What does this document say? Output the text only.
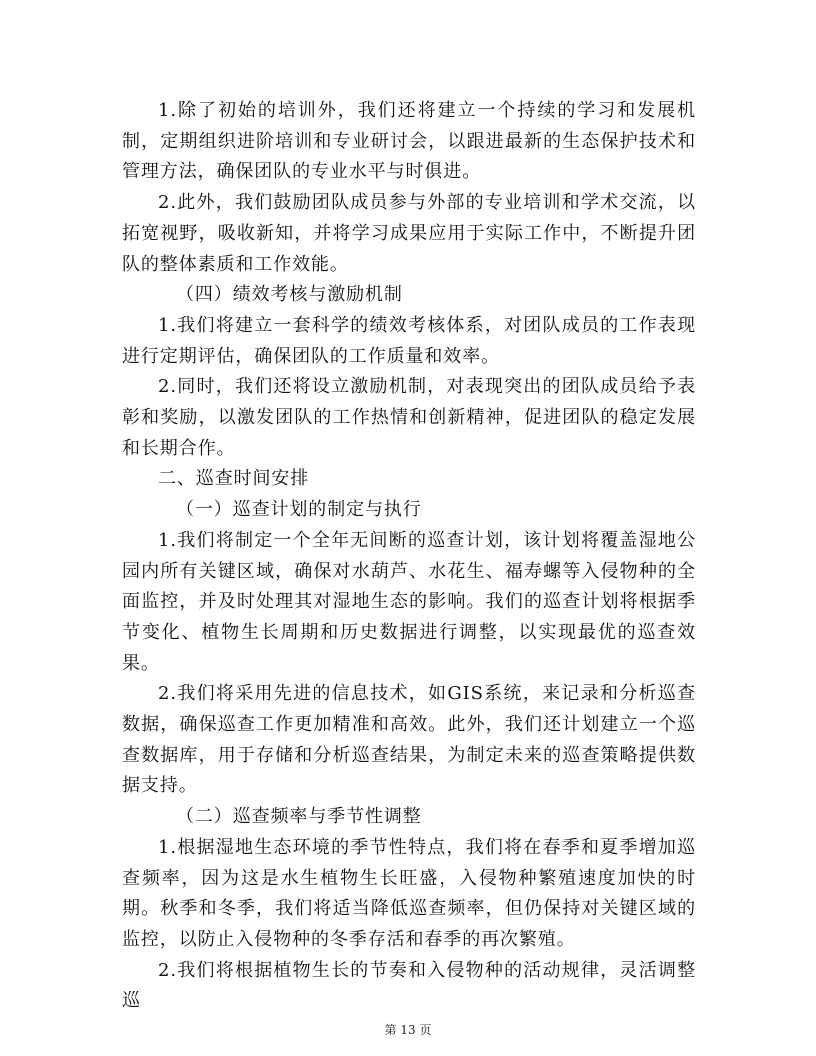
1.除了初始的培训外，我们还将建立一个持续的学习和发展机制，定期组织进阶培训和专业研讨会，以跟进最新的生态保护技术和管理方法，确保团队的专业水平与时俱进。

2.此外，我们鼓励团队成员参与外部的专业培训和学术交流，以拓宽视野，吸收新知，并将学习成果应用于实际工作中，不断提升团队的整体素质和工作效能。

（四）绩效考核与激励机制

1.我们将建立一套科学的绩效考核体系，对团队成员的工作表现进行定期评估，确保团队的工作质量和效率。

2.同时，我们还将设立激励机制，对表现突出的团队成员给予表彰和奖励，以激发团队的工作热情和创新精神，促进团队的稳定发展和长期合作。

二、巡查时间安排

（一）巡查计划的制定与执行

1.我们将制定一个全年无间断的巡查计划，该计划将覆盖湿地公园内所有关键区域，确保对水葫芦、水花生、福寿螺等入侵物种的全面监控，并及时处理其对湿地生态的影响。我们的巡查计划将根据季节变化、植物生长周期和历史数据进行调整，以实现最优的巡查效果。

2.我们将采用先进的信息技术，如GIS系统，来记录和分析巡查数据，确保巡查工作更加精准和高效。此外，我们还计划建立一个巡查数据库，用于存储和分析巡查结果，为制定未来的巡查策略提供数据支持。

（二）巡查频率与季节性调整

1.根据湿地生态环境的季节性特点，我们将在春季和夏季增加巡查频率，因为这是水生植物生长旺盛，入侵物种繁殖速度加快的时期。秋季和冬季，我们将适当降低巡查频率，但仍保持对关键区域的监控，以防止入侵物种的冬季存活和春季的再次繁殖。

2.我们将根据植物生长的节奏和入侵物种的活动规律，灵活调整巡

第 13 页
